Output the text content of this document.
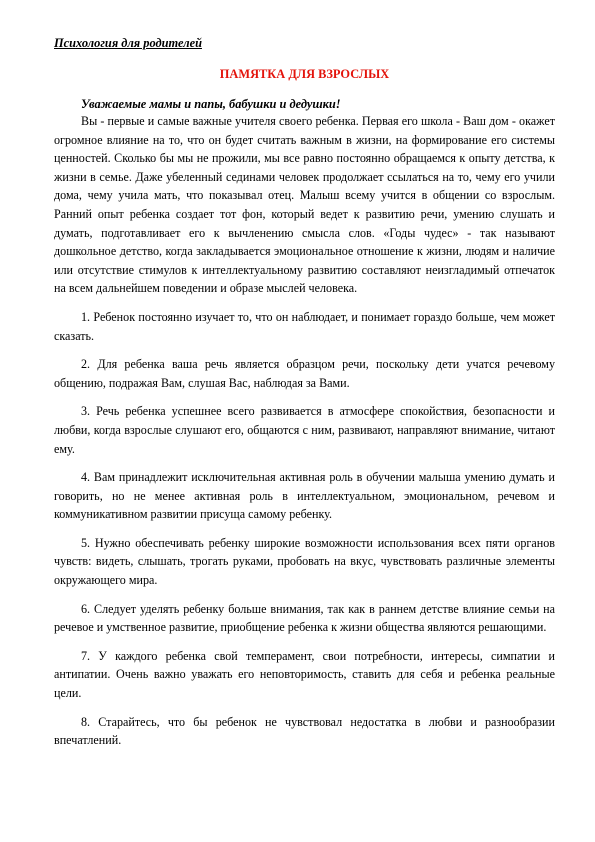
Психология для родителей

ПАМЯТКА ДЛЯ ВЗРОСЛЫХ

Уважаемые мамы и папы, бабушки и дедушки!

Вы - первые и самые важные учителя своего ребенка. Первая его школа - Ваш дом - окажет огромное влияние на то, что он будет считать важным в жизни, на формирование его системы ценностей. Сколько бы мы не прожили, мы все равно постоянно обращаемся к опыту детства, к жизни в семье. Даже убеленный сединами человек продолжает ссылаться на то, чему его учили дома, чему учила мать, что показывал отец. Малыш всему учится в общении со взрослым. Ранний опыт ребенка создает тот фон, который ведет к развитию речи, умению слушать и думать, подготавливает его к вычленению смысла слов. «Годы чудес» - так называют дошкольное детство, когда закладывается эмоциональное отношение к жизни, людям и наличие или отсутствие стимулов к интеллектуальному развитию составляют неизгладимый отпечаток на всем дальнейшем поведении и образе мыслей человека.

1. Ребенок постоянно изучает то, что он наблюдает, и понимает гораздо больше, чем может сказать.

2. Для ребенка ваша речь является образцом речи, поскольку дети учатся речевому общению, подражая Вам, слушая Вас, наблюдая за Вами.

3. Речь ребенка успешнее всего развивается в атмосфере спокойствия, безопасности и любви, когда взрослые слушают его, общаются с ним, развивают, направляют внимание, читают ему.

4. Вам принадлежит исключительная активная роль в обучении малыша умению думать и говорить, но не менее активная роль в интеллектуальном, эмоциональном, речевом и коммуникативном развитии присуща самому ребенку.

5. Нужно обеспечивать ребенку широкие возможности использования всех пяти органов чувств: видеть, слышать, трогать руками, пробовать на вкус, чувствовать различные элементы окружающего мира.

6. Следует уделять ребенку больше внимания, так как в раннем детстве влияние семьи на речевое и умственное развитие, приобщение ребенка к жизни общества являются решающими.

7. У каждого ребенка свой темперамент, свои потребности, интересы, симпатии и антипатии. Очень важно уважать его неповторимость, ставить для себя и ребенка реальные цели.

8. Старайтесь, что бы ребенок не чувствовал недостатка в любви и разнообразии впечатлений.
